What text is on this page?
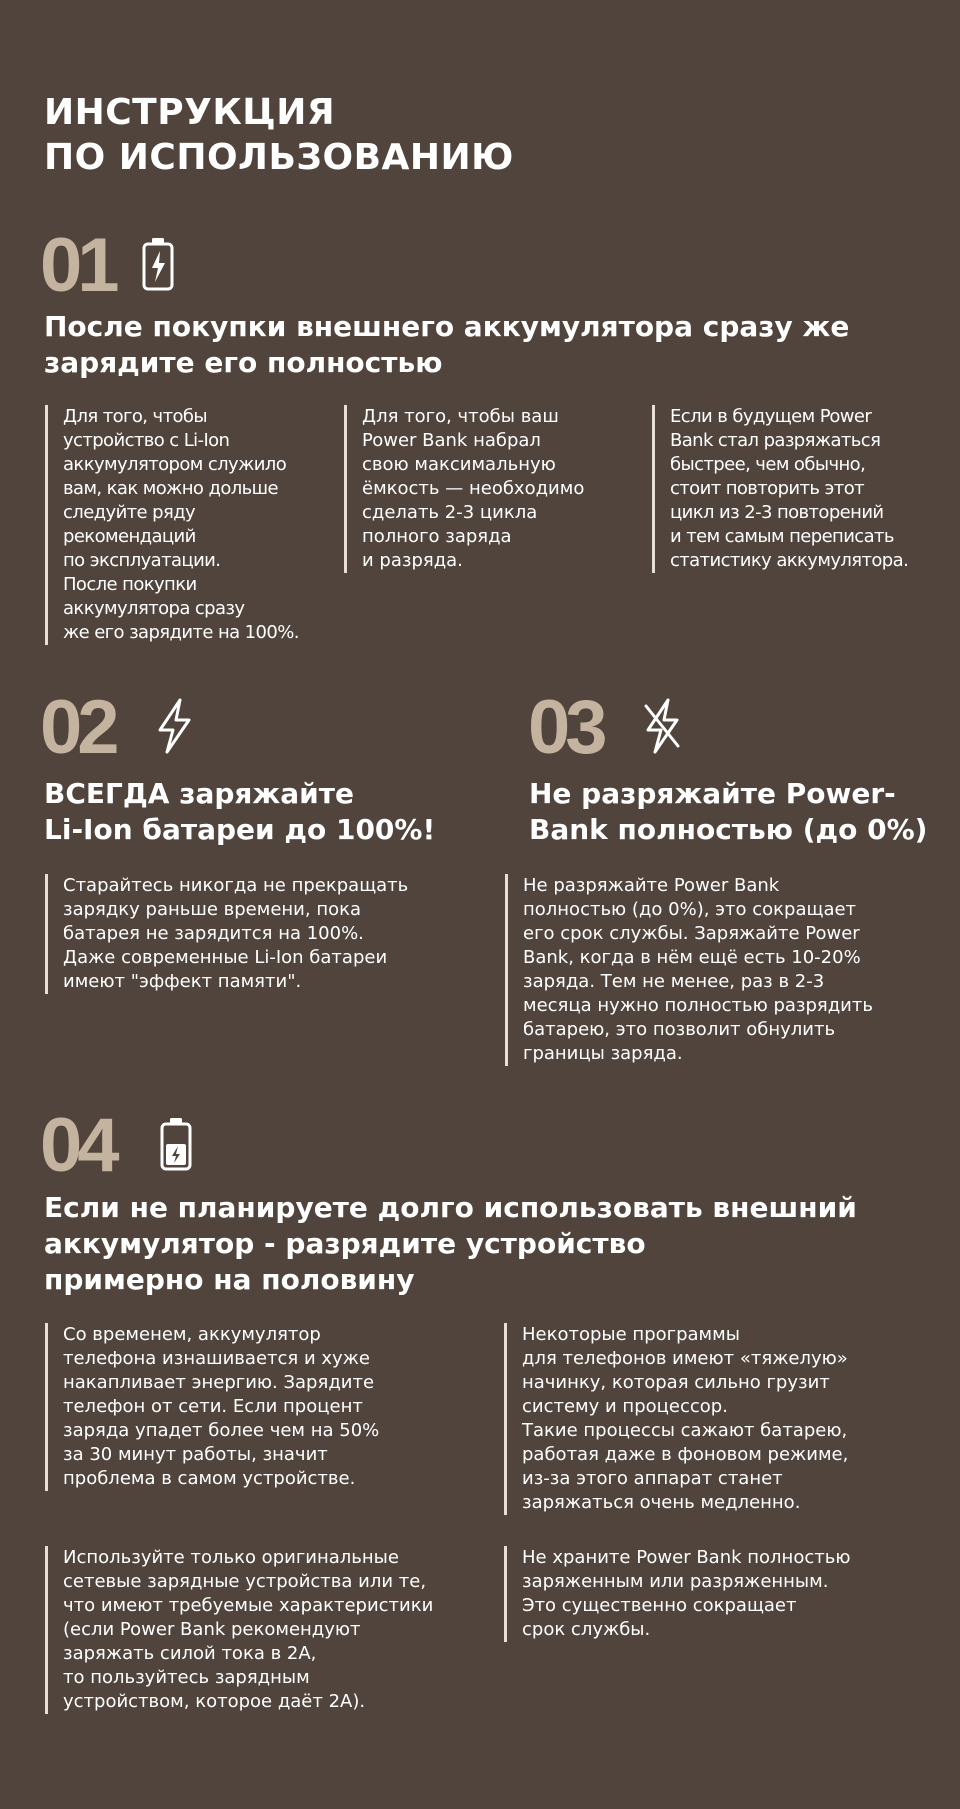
ИНСТРУКЦИЯ
ПО ИСПОЛЬЗОВАНИЮ
01
После покупки внешнего аккумулятора сразу же
зарядите его полностью
Для того, чтобы
устройство с Li-Ion
аккумулятором служило
вам, как можно дольше
следуйте ряду
рекомендаций
по эксплуатации.
После покупки
аккумулятора сразу
же его зарядите на 100%.
Для того, чтобы ваш
Power Bank набрал
свою максимальную
ёмкость — необходимо
сделать 2-3 цикла
полного заряда
и разряда.
Если в будущем Power
Bank стал разряжаться
быстрее, чем обычно,
стоит повторить этот
цикл из 2-3 повторений
и тем самым переписать
статистику аккумулятора.
02
ВСЕГДА заряжайте
Li-Ion батареи до 100%!
Старайтесь никогда не прекращать
зарядку раньше времени, пока
батарея не зарядится на 100%.
Даже современные Li-Ion батареи
имеют "эффект памяти".
03
Не разряжайте Power-
Bank полностью (до 0%)
Не разряжайте Power Bank
полностью (до 0%), это сокращает
его срок службы. Заряжайте Power
Bank, когда в нём ещё есть 10-20%
заряда. Тем не менее, раз в 2-3
месяца нужно полностью разрядить
батарею, это позволит обнулить
границы заряда.
04
Если не планируете долго использовать внешний
аккумулятор - разрядите устройство
примерно на половину
Со временем, аккумулятор
телефона изнашивается и хуже
накапливает энергию. Зарядите
телефон от сети. Если процент
заряда упадет более чем на 50%
за 30 минут работы, значит
проблема в самом устройстве.
Некоторые программы
для телефонов имеют «тяжелую»
начинку, которая сильно грузит
систему и процессор.
Такие процессы сажают батарею,
работая даже в фоновом режиме,
из-за этого аппарат станет
заряжаться очень медленно.
Используйте только оригинальные
сетевые зарядные устройства или те,
что имеют требуемые характеристики
(если Power Bank рекомендуют
заряжать силой тока в 2А,
то пользуйтесь зарядным
устройством, которое даёт 2А).
Не храните Power Bank полностью
заряженным или разряженным.
Это существенно сокращает
срок службы.
